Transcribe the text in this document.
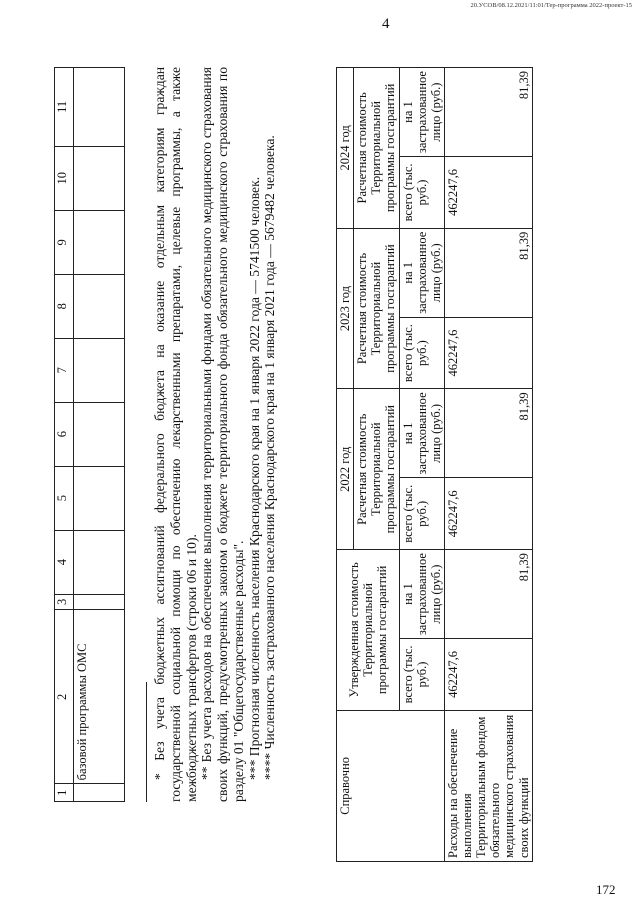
20.УСОВ/08.12.2021/11:01/Тер-программа 2022-проект-15
4
172
1	2	3	4	5	6	7	8	9	10	11
	базовой программы ОМС										* Без учета бюджетных ассигнований федерального бюджета на оказание отдельным категориям граждан государственной социальной помощи по обеспечению лекарственными препаратами, целевые программы, а также межбюджетных трансфертов (строки 06 и 10). ** Без учета расходов на обеспечение выполнения территориальными фондами обязательного медицинского страхования своих функций, предусмотренных законом о бюджете территориального фонда обязательного медицинского страхования по разделу 01 "Общегосударственные расходы". *** Прогнозная численность населения Краснодарского края на 1 января 2022 года — 5741500 человек. **** Численность застрахованного населения Краснодарского края на 1 января 2021 года — 5679482 человека.

Справочно	Утвержденная стоимость Территориальной программы госгарантий		2022 год		2023 год		2024 год	
			Расчетная стоимость Территориальной программы госгарантий		Расчетная стоимость Территориальной программы госгарантий		Расчетная стоимость Территориальной программы госгарантий	
	всего (тыс. руб.)	на 1 застрахованное лицо (руб.)	всего (тыс. руб.)	на 1 застрахованное лицо (руб.)	всего (тыс. руб.)	на 1 застрахованное лицо (руб.)	всего (тыс. руб.)	на 1 застрахованное лицо (руб.)
Расходы на обеспечение выполнения Территориальным фондом обязательного медицинского страхования своих функций	462247,6	81,39	462247,6	81,39	462247,6	81,39	462247,6	81,39
